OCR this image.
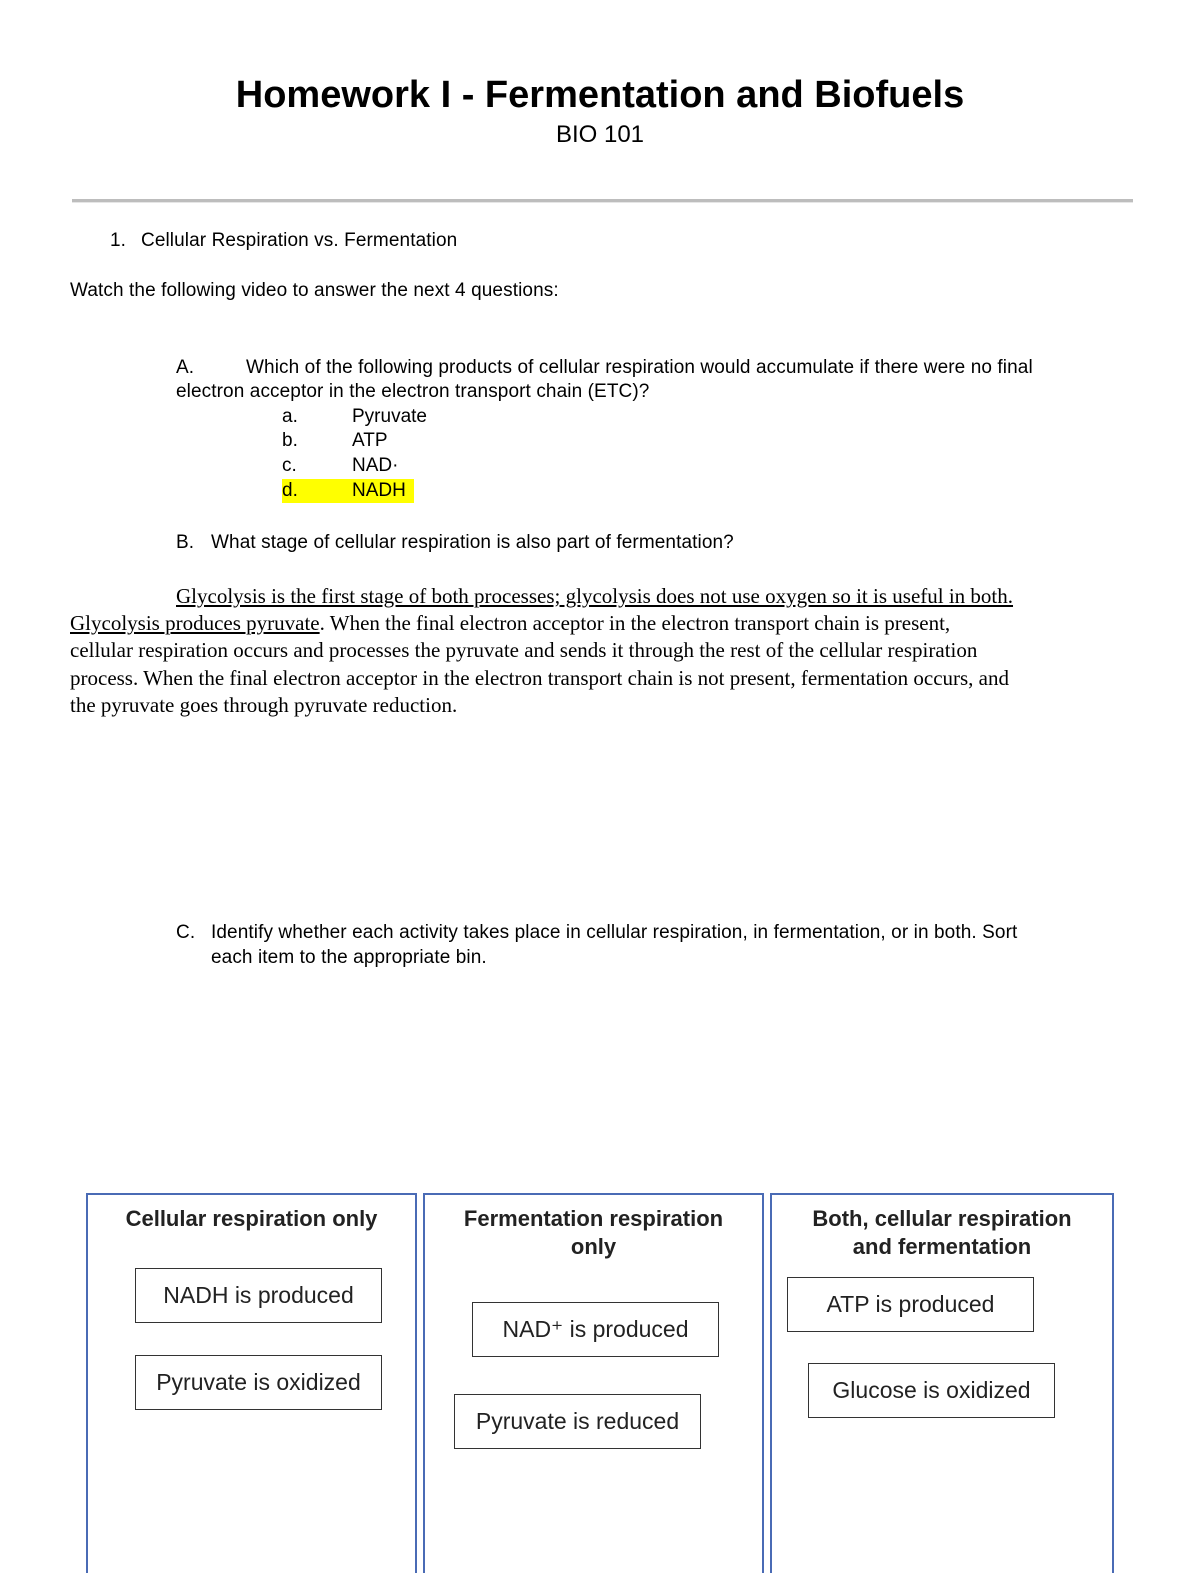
Homework I - Fermentation and Biofuels
BIO 101
1. Cellular Respiration vs. Fermentation
Watch the following video to answer the next 4 questions:
A.	Which of the following products of cellular respiration would accumulate if there were no final
electron acceptor in the electron transport chain (ETC)?
a.	Pyruvate
b.	ATP
c.	NAD·
d.	NADH
B. What stage of cellular respiration is also part of fermentation?
Glycolysis is the first stage of both processes; glycolysis does not use oxygen so it is useful in both.
Glycolysis produces pyruvate. When the final electron acceptor in the electron transport chain is present,
cellular respiration occurs and processes the pyruvate and sends it through the rest of the cellular respiration
process. When the final electron acceptor in the electron transport chain is not present, fermentation occurs, and
the pyruvate goes through pyruvate reduction.
C. Identify whether each activity takes place in cellular respiration, in fermentation, or in both. Sort
each item to the appropriate bin.
Cellular respiration only
NADH is produced
Pyruvate is oxidized
Fermentation respiration
only
NAD⁺ is produced
Pyruvate is reduced
Both, cellular respiration
and fermentation
ATP is produced
Glucose is oxidized
